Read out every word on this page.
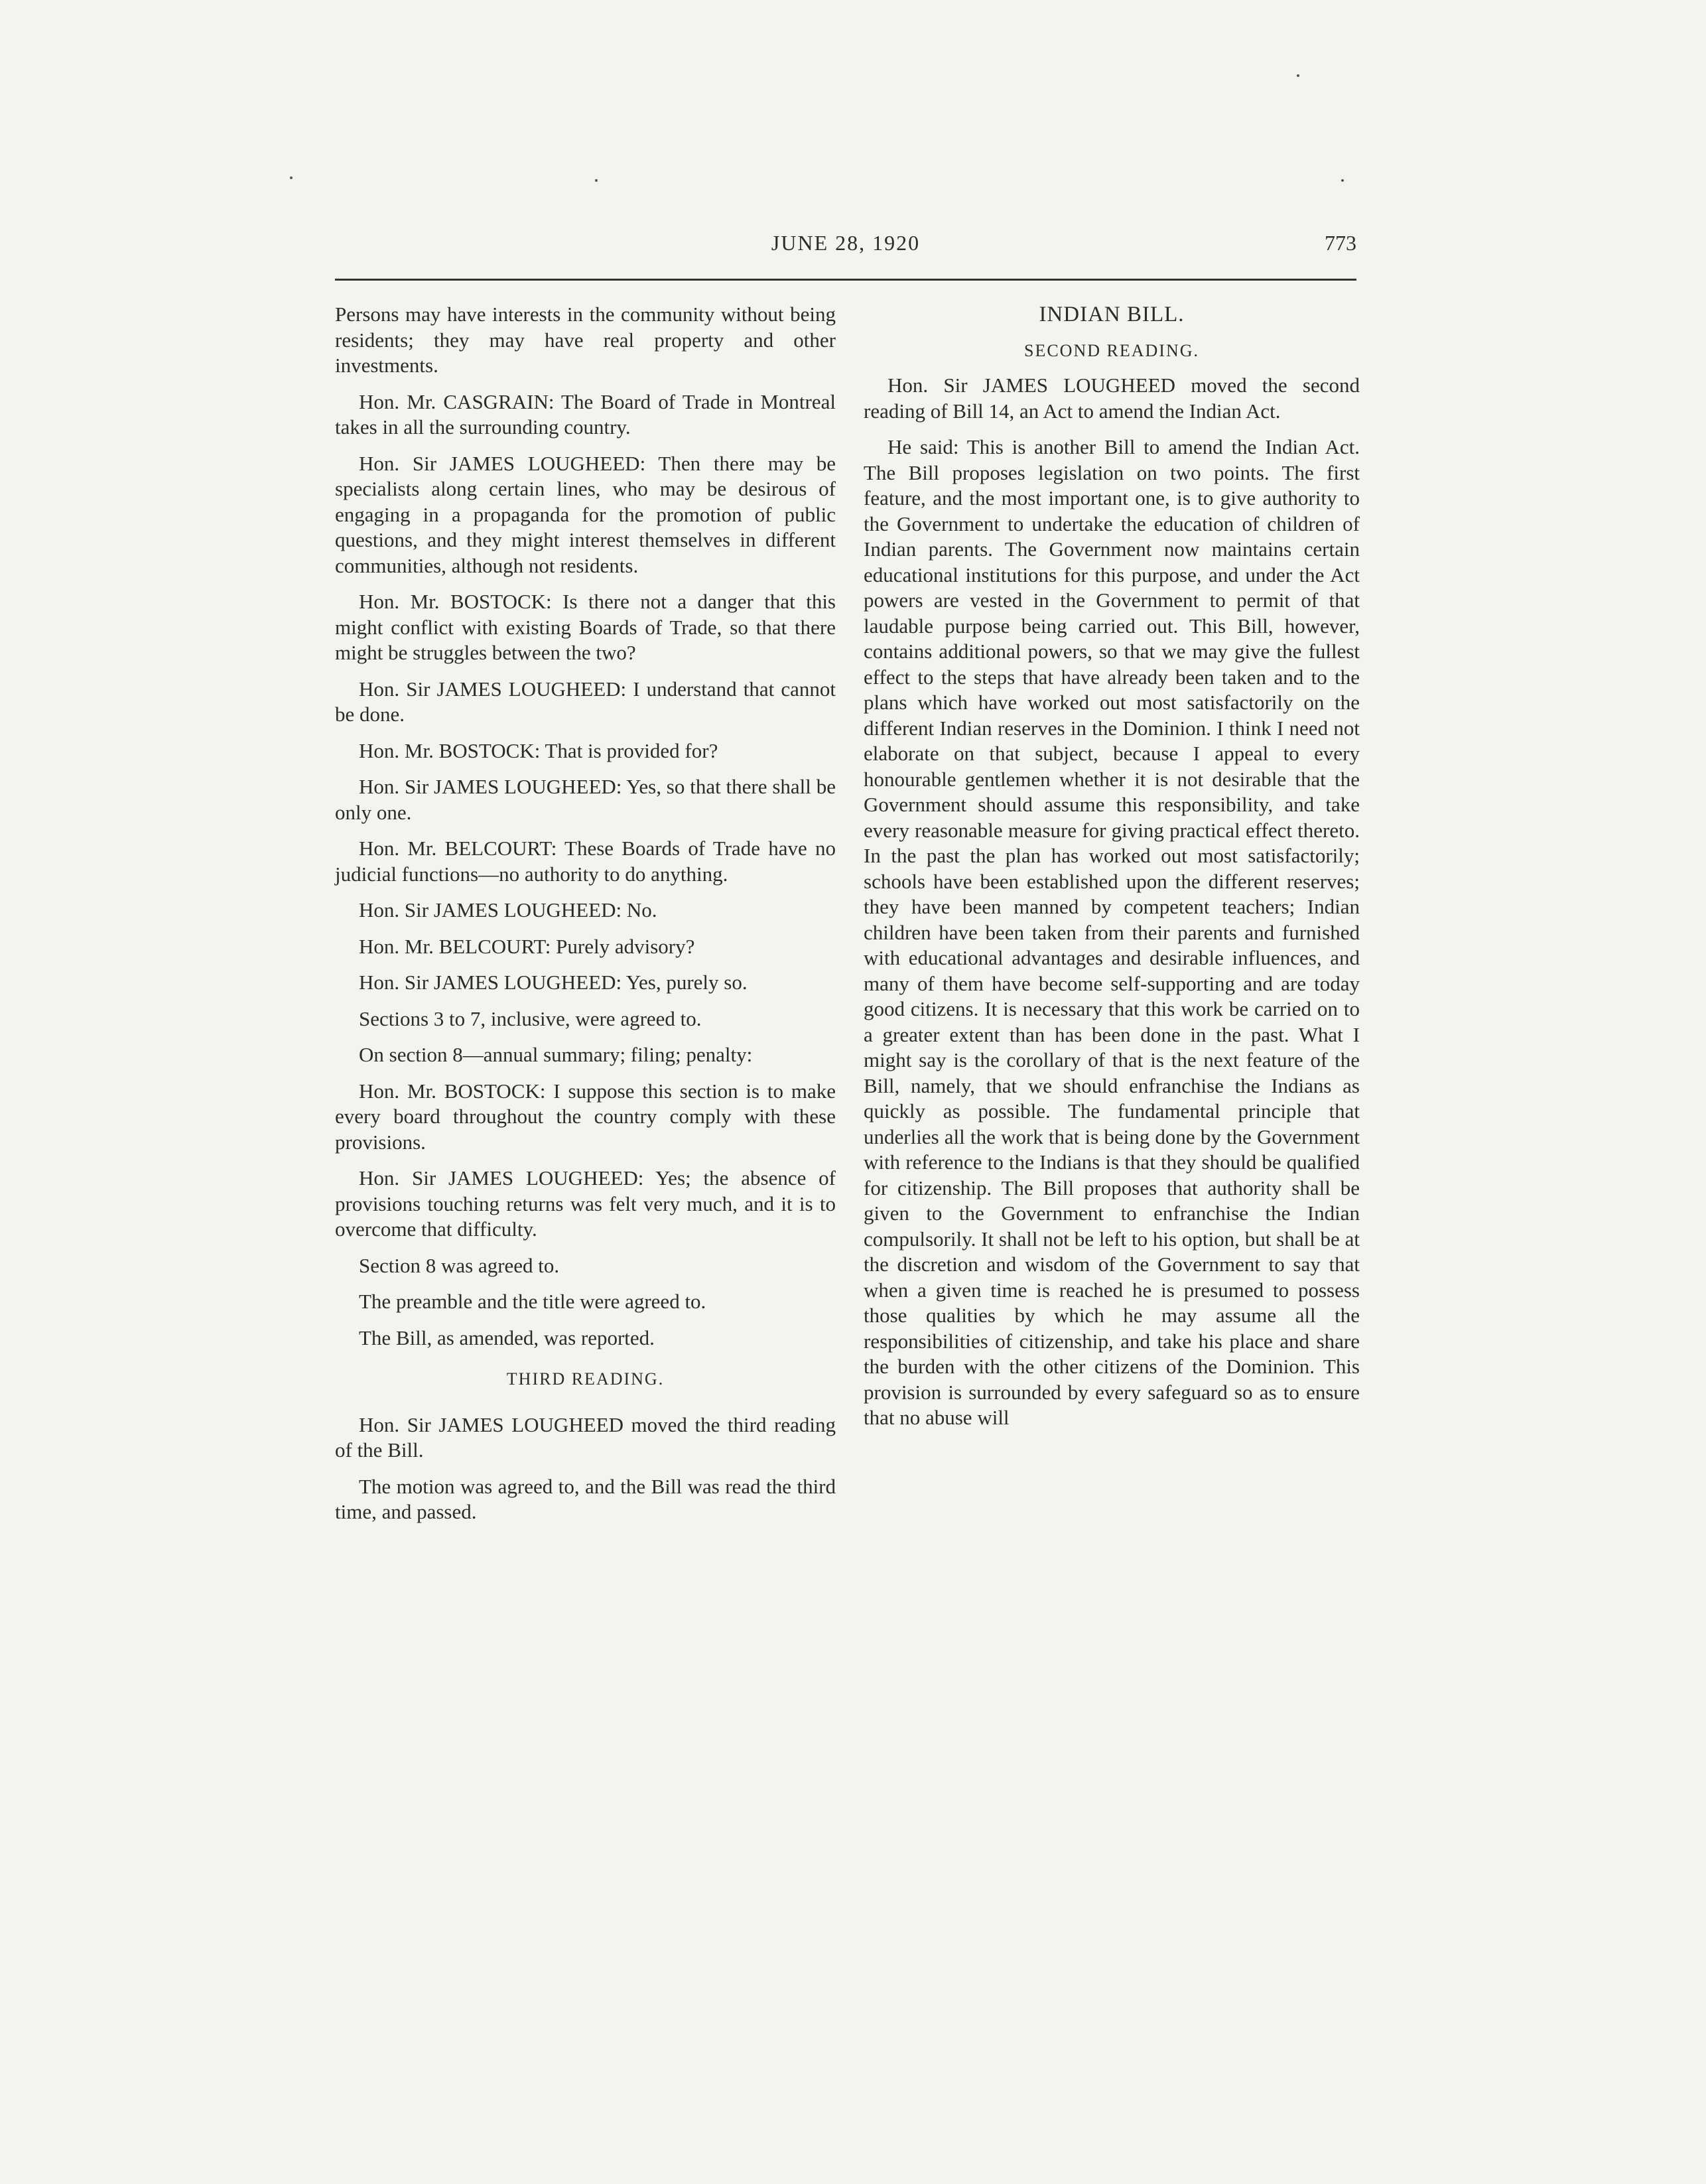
JUNE 28, 1920	773

Persons may have interests in the community without being residents; they may have real property and other investments.

Hon. Mr. CASGRAIN: The Board of Trade in Montreal takes in all the surrounding country.

Hon. Sir JAMES LOUGHEED: Then there may be specialists along certain lines, who may be desirous of engaging in a propaganda for the promotion of public questions, and they might interest themselves in different communities, although not residents.

Hon. Mr. BOSTOCK: Is there not a danger that this might conflict with existing Boards of Trade, so that there might be struggles between the two?

Hon. Sir JAMES LOUGHEED: I understand that cannot be done.

Hon. Mr. BOSTOCK: That is provided for?

Hon. Sir JAMES LOUGHEED: Yes, so that there shall be only one.

Hon. Mr. BELCOURT: These Boards of Trade have no judicial functions—no authority to do anything.

Hon. Sir JAMES LOUGHEED: No.

Hon. Mr. BELCOURT: Purely advisory?

Hon. Sir JAMES LOUGHEED: Yes, purely so.

Sections 3 to 7, inclusive, were agreed to.

On section 8—annual summary; filing; penalty:

Hon. Mr. BOSTOCK: I suppose this section is to make every board throughout the country comply with these provisions.

Hon. Sir JAMES LOUGHEED: Yes; the absence of provisions touching returns was felt very much, and it is to overcome that difficulty.

Section 8 was agreed to.

The preamble and the title were agreed to.

The Bill, as amended, was reported.

THIRD READING.

Hon. Sir JAMES LOUGHEED moved the third reading of the Bill.

The motion was agreed to, and the Bill was read the third time, and passed.

INDIAN BILL.
SECOND READING.

Hon. Sir JAMES LOUGHEED moved the second reading of Bill 14, an Act to amend the Indian Act.

He said: This is another Bill to amend the Indian Act. The Bill proposes legislation on two points. The first feature, and the most important one, is to give authority to the Government to undertake the education of children of Indian parents. The Government now maintains certain educational institutions for this purpose, and under the Act powers are vested in the Government to permit of that laudable purpose being carried out. This Bill, however, contains additional powers, so that we may give the fullest effect to the steps that have already been taken and to the plans which have worked out most satisfactorily on the different Indian reserves in the Dominion. I think I need not elaborate on that subject, because I appeal to every honourable gentlemen whether it is not desirable that the Government should assume this responsibility, and take every reasonable measure for giving practical effect thereto. In the past the plan has worked out most satisfactorily; schools have been established upon the different reserves; they have been manned by competent teachers; Indian children have been taken from their parents and furnished with educational advantages and desirable influences, and many of them have become self-supporting and are today good citizens. It is necessary that this work be carried on to a greater extent than has been done in the past. What I might say is the corollary of that is the next feature of the Bill, namely, that we should enfranchise the Indians as quickly as possible. The fundamental principle that underlies all the work that is being done by the Government with reference to the Indians is that they should be qualified for citizenship. The Bill proposes that authority shall be given to the Government to enfranchise the Indian compulsorily. It shall not be left to his option, but shall be at the discretion and wisdom of the Government to say that when a given time is reached he is presumed to possess those qualities by which he may assume all the responsibilities of citizenship, and take his place and share the burden with the other citizens of the Dominion. This provision is surrounded by every safeguard so as to ensure that no abuse will
